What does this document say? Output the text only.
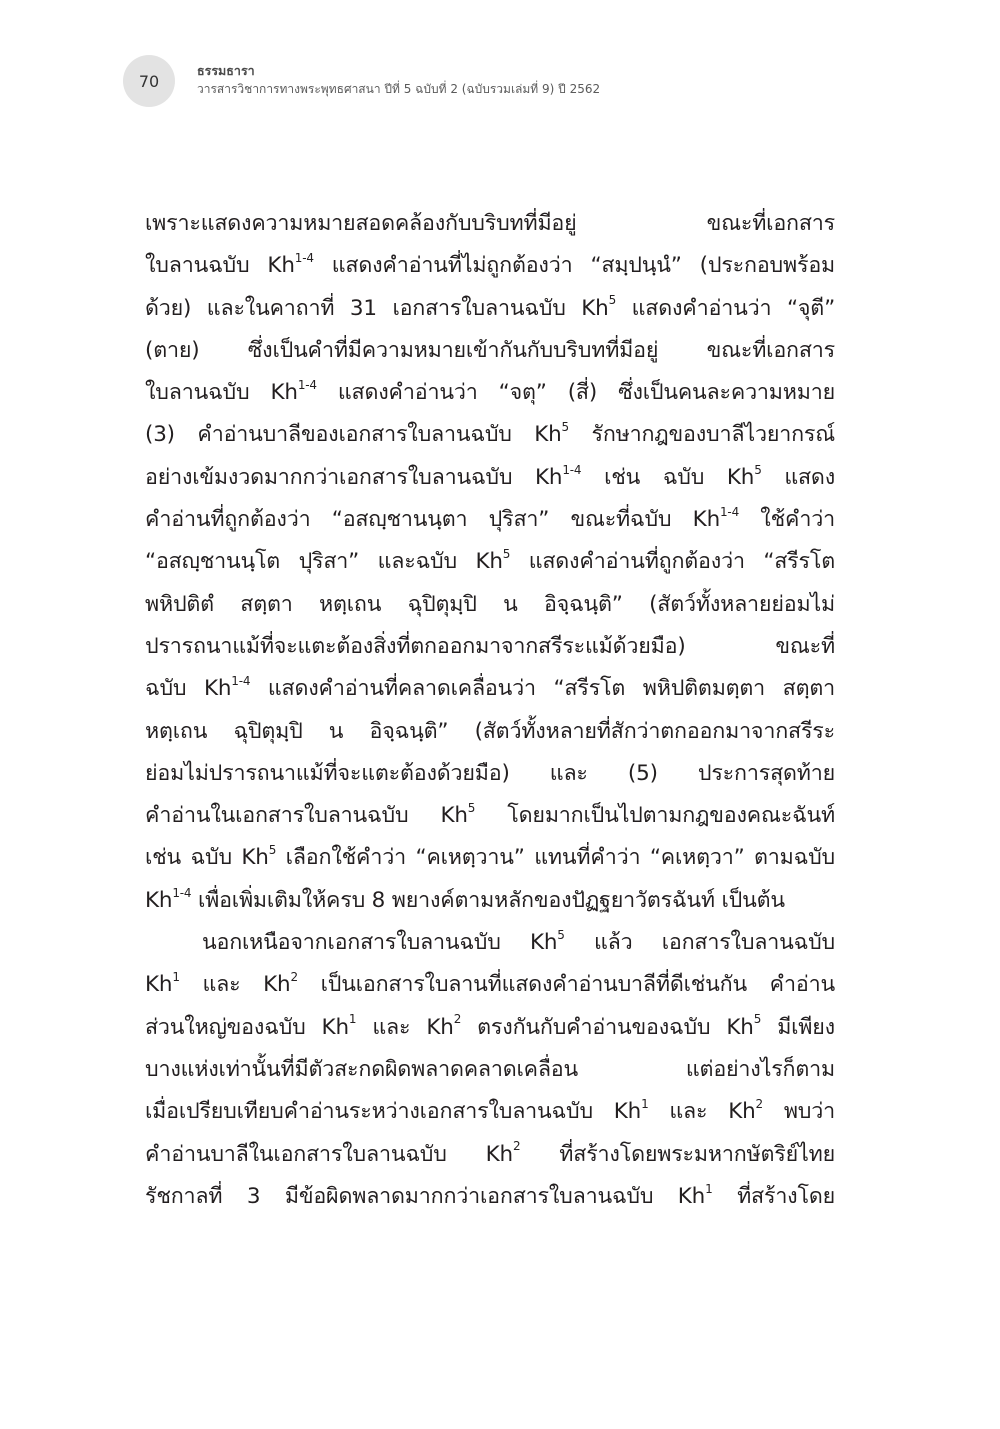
70
ธรรมธารา
วารสารวิชาการทางพระพุทธศาสนา ปีที่ 5 ฉบับที่ 2 (ฉบับรวมเล่มที่ 9) ปี 2562
เพราะแสดงความหมายสอดคล้องกับบริบทที่มีอยู่ ขณะที่เอกสาร
ใบลานฉบับ Kh$^{1-4}$ แสดงคำอ่านที่ไม่ถูกต้องว่า “สมฺปนฺนํ” (ประกอบพร้อม
ด้วย) และในคาถาที่ 31 เอกสารใบลานฉบับ Kh$^5$ แสดงคำอ่านว่า “จุตี”
(ตาย) ซึ่งเป็นคำที่มีความหมายเข้ากันกับบริบทที่มีอยู่ ขณะที่เอกสาร
ใบลานฉบับ Kh$^{1-4}$ แสดงคำอ่านว่า “จตุ” (สี่) ซึ่งเป็นคนละความหมาย
(3) คำอ่านบาลีของเอกสารใบลานฉบับ Kh$^5$ รักษากฎของบาลีไวยากรณ์
อย่างเข้มงวดมากกว่าเอกสารใบลานฉบับ Kh$^{1-4}$ เช่น ฉบับ Kh$^5$ แสดง
คำอ่านที่ถูกต้องว่า “อสญฺชานนฺตา ปุริสา” ขณะที่ฉบับ Kh$^{1-4}$ ใช้คำว่า
“อสญฺชานนฺโต ปุริสา” และฉบับ Kh$^5$ แสดงคำอ่านที่ถูกต้องว่า “สรีรโต
พหิปติตํ สตฺตา หตฺเถน ฉุปิตุมฺปิ น อิจฺฉนฺติ” (สัตว์ทั้งหลายย่อมไม่
ปรารถนาแม้ที่จะแตะต้องสิ่งที่ตกออกมาจากสรีระแม้ด้วยมือ) ขณะที่
ฉบับ Kh$^{1-4}$ แสดงคำอ่านที่คลาดเคลื่อนว่า “สรีรโต พหิปติตมตฺตา สตฺตา
หตฺเถน ฉุปิตุมฺปิ น อิจฺฉนฺติ” (สัตว์ทั้งหลายที่สักว่าตกออกมาจากสรีระ
ย่อมไม่ปรารถนาแม้ที่จะแตะต้องด้วยมือ) และ (5) ประการสุดท้าย
คำอ่านในเอกสารใบลานฉบับ Kh$^5$ โดยมากเป็นไปตามกฎของคณะฉันท์
เช่น ฉบับ Kh$^5$ เลือกใช้คำว่า “คเหตฺวาน” แทนที่คำว่า “คเหตฺวา” ตามฉบับ
Kh$^{1-4}$ เพื่อเพิ่มเติมให้ครบ 8 พยางค์ตามหลักของปัฏฐยาวัตรฉันท์ เป็นต้น
นอกเหนือจากเอกสารใบลานฉบับ Kh$^5$ แล้ว เอกสารใบลานฉบับ
Kh$^1$ และ Kh$^2$ เป็นเอกสารใบลานที่แสดงคำอ่านบาลีที่ดีเช่นกัน คำอ่าน
ส่วนใหญ่ของฉบับ Kh$^1$ และ Kh$^2$ ตรงกันกับคำอ่านของฉบับ Kh$^5$ มีเพียง
บางแห่งเท่านั้นที่มีตัวสะกดผิดพลาดคลาดเคลื่อน แต่อย่างไรก็ตาม
เมื่อเปรียบเทียบคำอ่านระหว่างเอกสารใบลานฉบับ Kh$^1$ และ Kh$^2$ พบว่า
คำอ่านบาลีในเอกสารใบลานฉบับ Kh$^2$ ที่สร้างโดยพระมหากษัตริย์ไทย
รัชกาลที่ 3 มีข้อผิดพลาดมากกว่าเอกสารใบลานฉบับ Kh$^1$ ที่สร้างโดย
